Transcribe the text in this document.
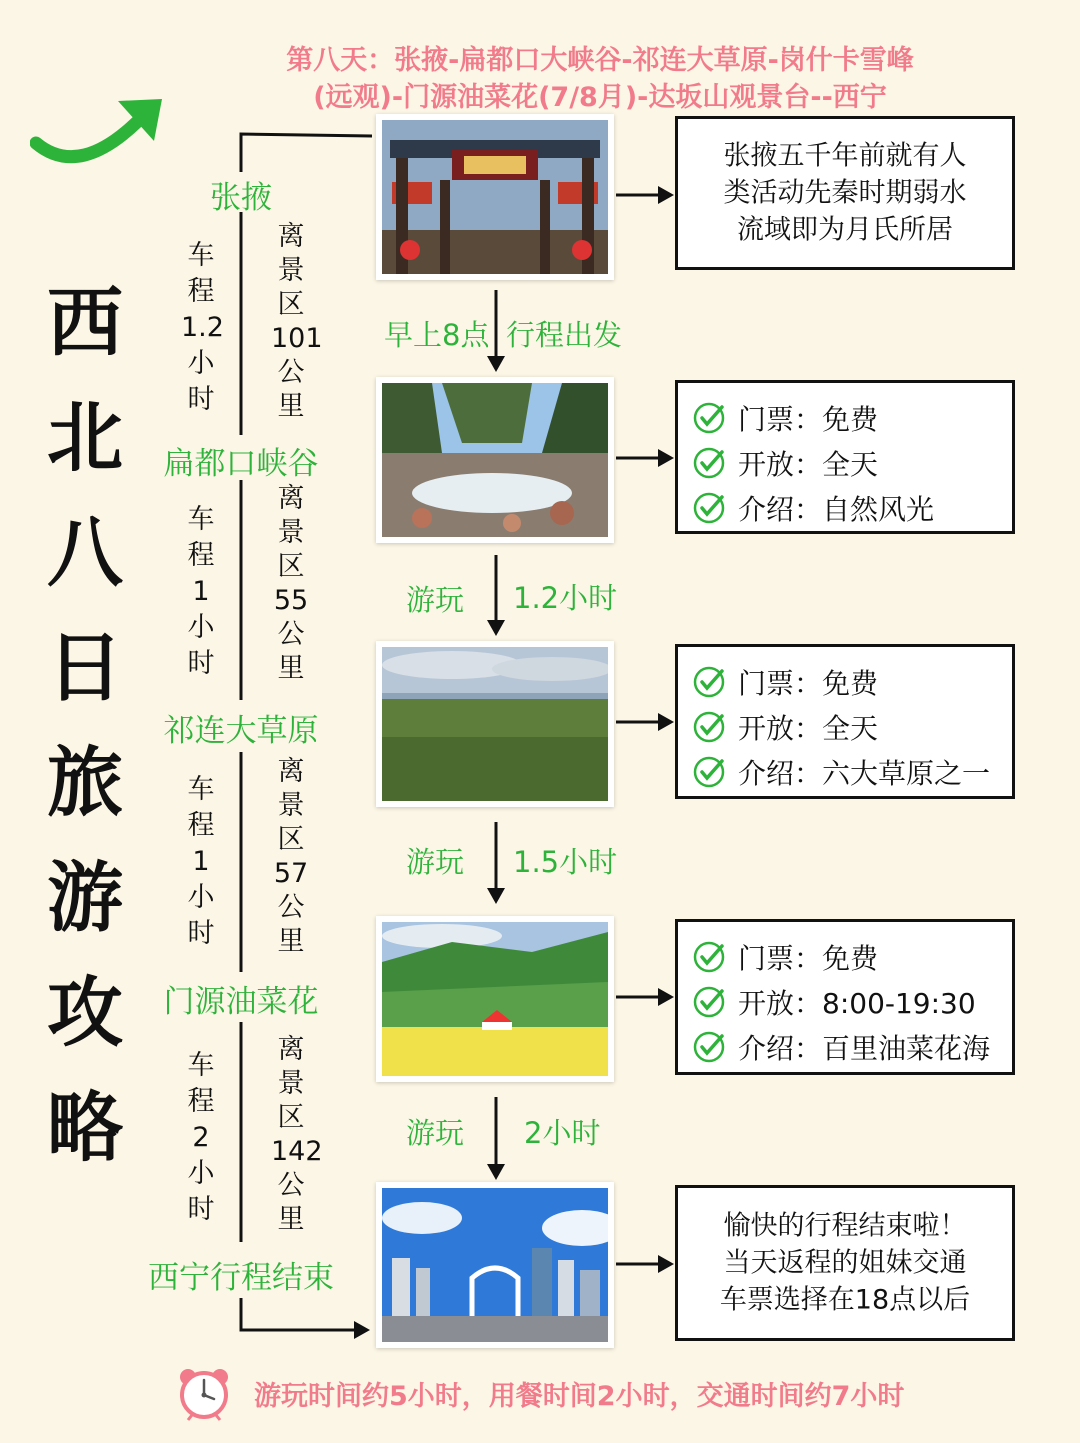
第八天：张掖-扁都口大峡谷-祁连大草原-岗什卡雪峰
(远观)-门源油菜花(7/8月)-达坂山观景台--西宁
西
北
八
日
旅
游
攻
略
张掖
扁都口峡谷
祁连大草原
门源油菜花
西宁行程结束
车
程
1.2
小
时
离
景
区
101
公
里
车
程
1
小
时
离
景
区
55
公
里
车
程
1
小
时
离
景
区
57
公
里
车
程
2
小
时
离
景
区
142
公
里
早上8点 行程出发
游玩 1.2小时
游玩 1.5小时
游玩 2小时
张掖五千年前就有人
类活动先秦时期弱水
流域即为月氏所居
门票：免费
开放：全天
介绍：自然风光
门票：免费
开放：全天
介绍：六大草原之一
门票：免费
开放：8:00-19:30
介绍：百里油菜花海
愉快的行程结束啦！
当天返程的姐妹交通
车票选择在18点以后
游玩时间约5小时，用餐时间2小时，交通时间约7小时
